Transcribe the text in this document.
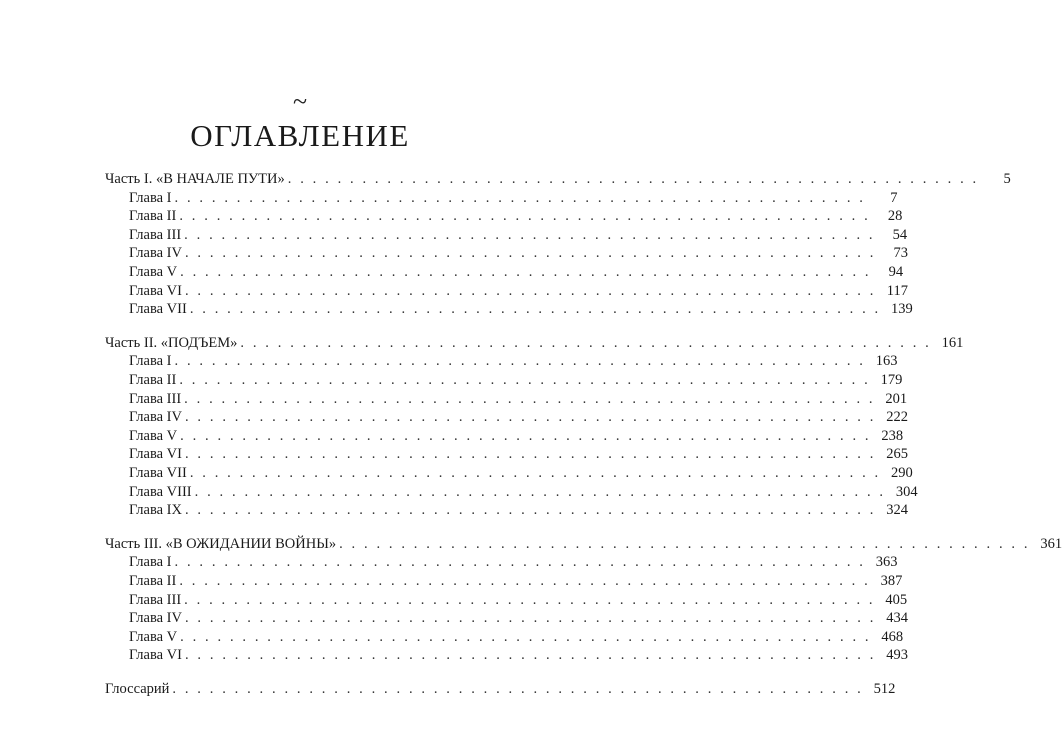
~
ОГЛАВЛЕНИЕ
Часть I. «В НАЧАЛЕ ПУТИ» . . . . . . . . . . . . . . . . . . . . . . . . . . . . . . . . . . . . . . . . . . . . . . . . . . . . . . . .	5
Глава I . . . . . . . . . . . . . . . . . . . . . . . . . . . . . . . . . . . . . . . . . . . . . . . . . . . . . . . .	7
Глава II . . . . . . . . . . . . . . . . . . . . . . . . . . . . . . . . . . . . . . . . . . . . . . . . . . . . . . . .	28
Глава III . . . . . . . . . . . . . . . . . . . . . . . . . . . . . . . . . . . . . . . . . . . . . . . . . . . . . . . .	54
Глава IV . . . . . . . . . . . . . . . . . . . . . . . . . . . . . . . . . . . . . . . . . . . . . . . . . . . . . . . .	73
Глава V . . . . . . . . . . . . . . . . . . . . . . . . . . . . . . . . . . . . . . . . . . . . . . . . . . . . . . . .	94
Глава VI . . . . . . . . . . . . . . . . . . . . . . . . . . . . . . . . . . . . . . . . . . . . . . . . . . . . . . . . 117
Глава VII . . . . . . . . . . . . . . . . . . . . . . . . . . . . . . . . . . . . . . . . . . . . . . . . . . . . . . . . 139
Часть II. «ПОДЪЕМ» . . . . . . . . . . . . . . . . . . . . . . . . . . . . . . . . . . . . . . . . . . . . . . . . . . . . . . . . 161
Глава I . . . . . . . . . . . . . . . . . . . . . . . . . . . . . . . . . . . . . . . . . . . . . . . . . . . . . . . . 163
Глава II . . . . . . . . . . . . . . . . . . . . . . . . . . . . . . . . . . . . . . . . . . . . . . . . . . . . . . . . 179
Глава III . . . . . . . . . . . . . . . . . . . . . . . . . . . . . . . . . . . . . . . . . . . . . . . . . . . . . . . . 201
Глава IV . . . . . . . . . . . . . . . . . . . . . . . . . . . . . . . . . . . . . . . . . . . . . . . . . . . . . . . . 222
Глава V . . . . . . . . . . . . . . . . . . . . . . . . . . . . . . . . . . . . . . . . . . . . . . . . . . . . . . . . 238
Глава VI . . . . . . . . . . . . . . . . . . . . . . . . . . . . . . . . . . . . . . . . . . . . . . . . . . . . . . . . 265
Глава VII . . . . . . . . . . . . . . . . . . . . . . . . . . . . . . . . . . . . . . . . . . . . . . . . . . . . . . . . 290
Глава VIII . . . . . . . . . . . . . . . . . . . . . . . . . . . . . . . . . . . . . . . . . . . . . . . . . . . . . . . . 304
Глава IX . . . . . . . . . . . . . . . . . . . . . . . . . . . . . . . . . . . . . . . . . . . . . . . . . . . . . . . . 324
Часть III. «В ОЖИДАНИИ ВОЙНЫ» . . . . . . . . . . . . . . . . . . . . . . . . . . . . . . . . . . . . . . . . . . . . . . . . . . . . . . . . 361
Глава I . . . . . . . . . . . . . . . . . . . . . . . . . . . . . . . . . . . . . . . . . . . . . . . . . . . . . . . . 363
Глава II . . . . . . . . . . . . . . . . . . . . . . . . . . . . . . . . . . . . . . . . . . . . . . . . . . . . . . . . 387
Глава III . . . . . . . . . . . . . . . . . . . . . . . . . . . . . . . . . . . . . . . . . . . . . . . . . . . . . . . . 405
Глава IV . . . . . . . . . . . . . . . . . . . . . . . . . . . . . . . . . . . . . . . . . . . . . . . . . . . . . . . . 434
Глава V . . . . . . . . . . . . . . . . . . . . . . . . . . . . . . . . . . . . . . . . . . . . . . . . . . . . . . . . 468
Глава VI . . . . . . . . . . . . . . . . . . . . . . . . . . . . . . . . . . . . . . . . . . . . . . . . . . . . . . . . 493
Глоссарий . . . . . . . . . . . . . . . . . . . . . . . . . . . . . . . . . . . . . . . . . . . . . . . . . . . . . . . . 512
